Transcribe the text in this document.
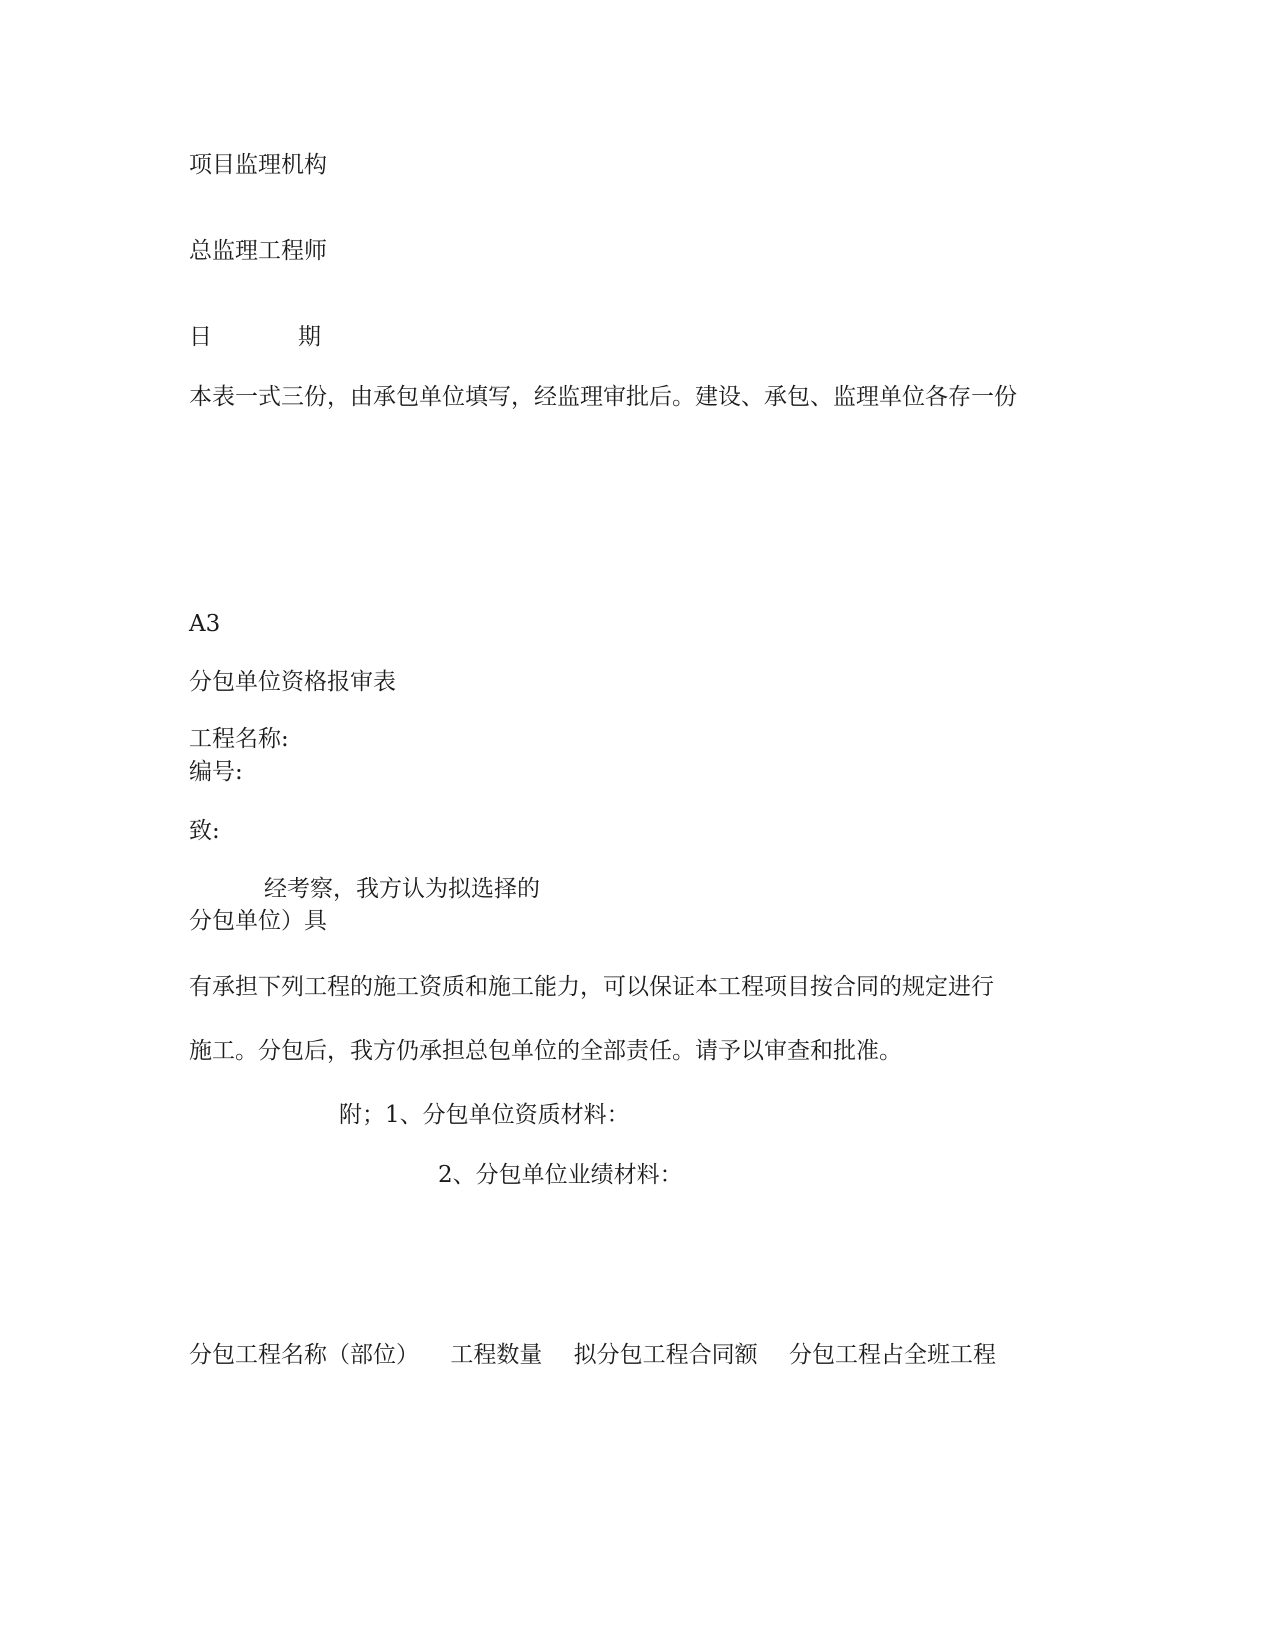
项目监理机构
总监理工程师
日	期
本表一式三份，由承包单位填写，经监理审批后。建设、承包、监理单位各存一份
A3
分包单位资格报审表
工程名称:
编号:
致:
经考察，我方认为拟选择的
分包单位）具
有承担下列工程的施工资质和施工能力，可以保证本工程项目按合同的规定进行
施工。分包后，我方仍承担总包单位的全部责任。请予以审查和批准。
附；1、分包单位资质材料：
2、分包单位业绩材料：
分包工程名称（部位） 工程数量 拟分包工程合同额 分包工程占全班工程
